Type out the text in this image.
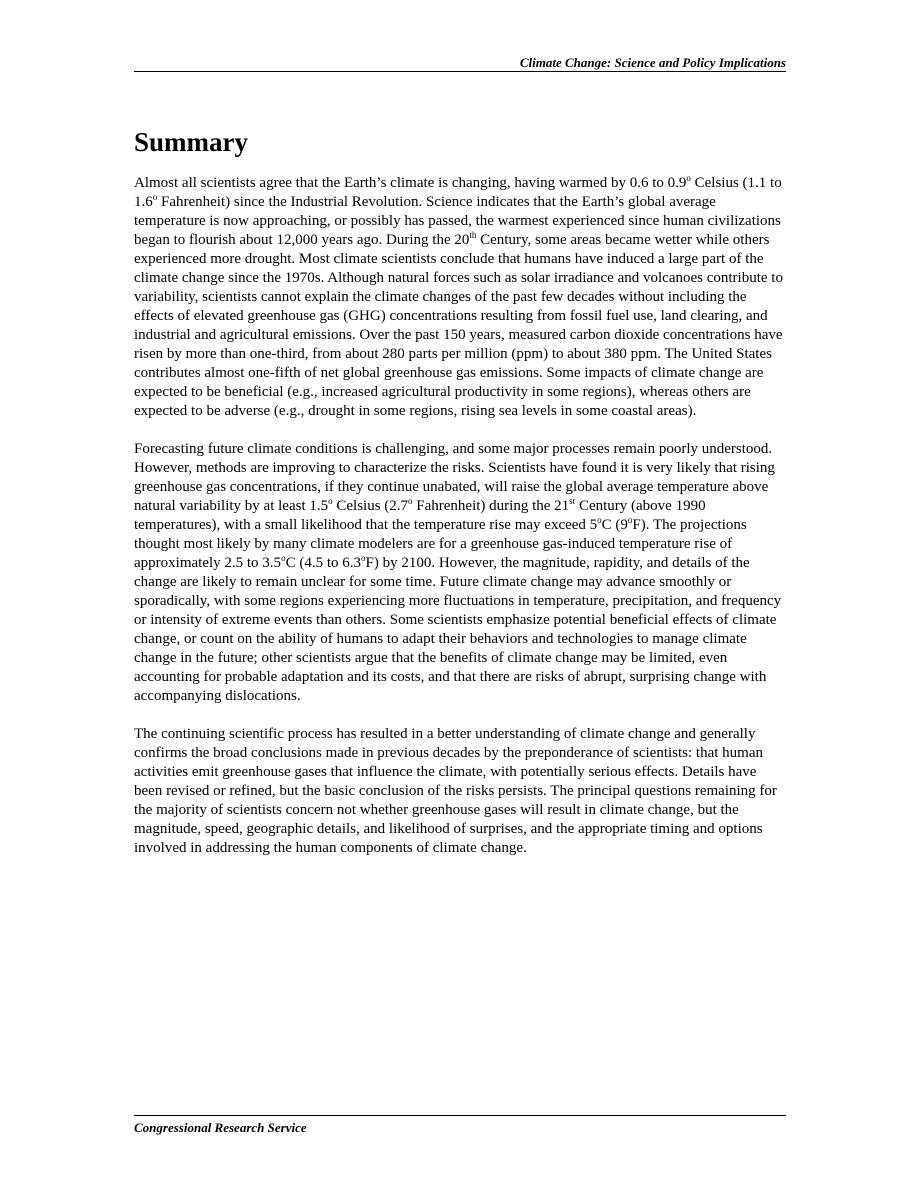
Climate Change: Science and Policy Implications
Summary

Almost all scientists agree that the Earth’s climate is changing, having warmed by 0.6 to 0.9$^o$ Celsius (1.1 to 1.6$^o$ Fahrenheit) since the Industrial Revolution. Science indicates that the Earth’s global average temperature is now approaching, or possibly has passed, the warmest experienced since human civilizations began to flourish about 12,000 years ago. During the 20th Century, some areas became wetter while others experienced more drought. Most climate scientists conclude that humans have induced a large part of the climate change since the 1970s. Although natural forces such as solar irradiance and volcanoes contribute to variability, scientists cannot explain the climate changes of the past few decades without including the effects of elevated greenhouse gas (GHG) concentrations resulting from fossil fuel use, land clearing, and industrial and agricultural emissions. Over the past 150 years, measured carbon dioxide concentrations have risen by more than one-third, from about 280 parts per million (ppm) to about 380 ppm. The United States contributes almost one-fifth of net global greenhouse gas emissions. Some impacts of climate change are expected to be beneficial (e.g., increased agricultural productivity in some regions), whereas others are expected to be adverse (e.g., drought in some regions, rising sea levels in some coastal areas).

Forecasting future climate conditions is challenging, and some major processes remain poorly understood. However, methods are improving to characterize the risks. Scientists have found it is very likely that rising greenhouse gas concentrations, if they continue unabated, will raise the global average temperature above natural variability by at least 1.5$^o$ Celsius (2.7$^o$ Fahrenheit) during the 21st Century (above 1990 temperatures), with a small likelihood that the temperature rise may exceed 5$^o$C (9$^o$F). The projections thought most likely by many climate modelers are for a greenhouse gas-induced temperature rise of approximately 2.5 to 3.5$^o$C (4.5 to 6.3$^o$F) by 2100. However, the magnitude, rapidity, and details of the change are likely to remain unclear for some time. Future climate change may advance smoothly or sporadically, with some regions experiencing more fluctuations in temperature, precipitation, and frequency or intensity of extreme events than others. Some scientists emphasize potential beneficial effects of climate change, or count on the ability of humans to adapt their behaviors and technologies to manage climate change in the future; other scientists argue that the benefits of climate change may be limited, even accounting for probable adaptation and its costs, and that there are risks of abrupt, surprising change with accompanying dislocations.

The continuing scientific process has resulted in a better understanding of climate change and generally confirms the broad conclusions made in previous decades by the preponderance of scientists: that human activities emit greenhouse gases that influence the climate, with potentially serious effects. Details have been revised or refined, but the basic conclusion of the risks persists. The principal questions remaining for the majority of scientists concern not whether greenhouse gases will result in climate change, but the magnitude, speed, geographic details, and likelihood of surprises, and the appropriate timing and options involved in addressing the human components of climate change.

Congressional Research Service
